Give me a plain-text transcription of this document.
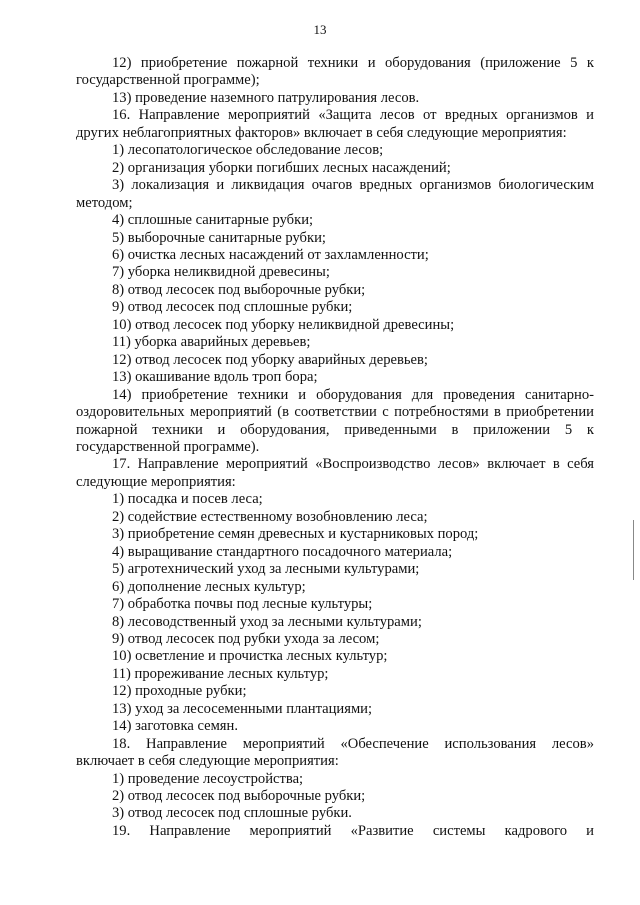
13

12) приобретение пожарной техники и оборудования (приложение 5 к государственной программе);

13) проведение наземного патрулирования лесов.

16. Направление мероприятий «Защита лесов от вредных организмов и других неблагоприятных факторов» включает в себя следующие мероприятия:

1) лесопатологическое обследование лесов;

2) организация уборки погибших лесных насаждений;

3) локализация и ликвидация очагов вредных организмов биологическим методом;

4) сплошные санитарные рубки;

5) выборочные санитарные рубки;

6) очистка лесных насаждений от захламленности;

7) уборка неликвидной древесины;

8) отвод лесосек под выборочные рубки;

9) отвод лесосек под сплошные рубки;

10) отвод лесосек под уборку неликвидной древесины;

11) уборка аварийных деревьев;

12) отвод лесосек под уборку аварийных деревьев;

13) окашивание вдоль троп бора;

14) приобретение техники и оборудования для проведения санитарно-оздоровительных мероприятий (в соответствии с потребностями в приобретении пожарной техники и оборудования, приведенными в приложении 5 к государственной программе).

17. Направление мероприятий «Воспроизводство лесов» включает в себя следующие мероприятия:

1) посадка и посев леса;

2) содействие естественному возобновлению леса;

3) приобретение семян древесных и кустарниковых пород;

4) выращивание стандартного посадочного материала;

5) агротехнический уход за лесными культурами;

6) дополнение лесных культур;

7) обработка почвы под лесные культуры;

8) лесоводственный уход за лесными культурами;

9) отвод лесосек под рубки ухода за лесом;

10) осветление и прочистка лесных культур;

11) прореживание лесных культур;

12) проходные рубки;

13) уход за лесосеменными плантациями;

14) заготовка семян.

18. Направление мероприятий «Обеспечение использования лесов» включает в себя следующие мероприятия:

1) проведение лесоустройства;

2) отвод лесосек под выборочные рубки;

3) отвод лесосек под сплошные рубки.

19. Направление мероприятий «Развитие системы кадрового и
